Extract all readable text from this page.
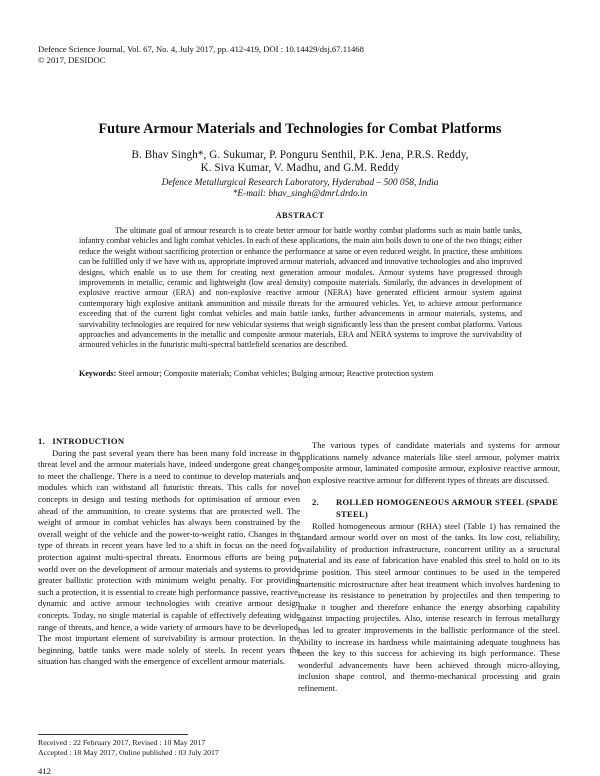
Defence Science Journal, Vol. 67, No. 4, July 2017, pp. 412-419, DOI : 10.14429/dsj.67.11468
© 2017, DESIDOC
Future Armour Materials and Technologies for Combat Platforms
B. Bhav Singh*, G. Sukumar, P. Ponguru Senthil, P.K. Jena, P.R.S. Reddy,
K. Siva Kumar, V. Madhu, and G.M. Reddy
Defence Metallurgical Research Laboratory, Hyderabad – 500 058, India
*E-mail: bhav_singh@dmrl.drdo.in
ABSTRACT

The ultimate goal of armour research is to create better armour for battle worthy combat platforms such as main battle tanks, infantry combat vehicles and light combat vehicles. In each of these applications, the main aim boils down to one of the two things; either reduce the weight without sacrificing protection or enhance the performance at same or even reduced weight. In practice, these ambitions can be fulfilled only if we have with us, appropriate improved armour materials, advanced and innovative technologies and also improved designs, which enable us to use them for creating next generation armour modules. Armour systems have progressed through improvements in metallic, ceramic and lightweight (low areal density) composite materials. Similarly, the advances in development of explosive reactive armour (ERA) and non-explosive reactive armour (NERA) have generated efficient armour system against contemporary high explosive antitank ammunition and missile threats for the armoured vehicles. Yet, to achieve armour performance exceeding that of the current light combat vehicles and main battle tanks, further advancements in armour materials, systems, and survivability technologies are required for new vehicular systems that weigh significantly less than the present combat platforms. Various approaches and advancements in the metallic and composite armour materials, ERA and NERA systems to improve the survivability of armoured vehicles in the futuristic multi-spectral battlefield scenarios are described.

Keywords: Steel armour; Composite materials; Combat vehicles; Bulging armour; Reactive protection system
1. INTRODUCTION

During the past several years there has been many fold increase in the threat level and the armour materials have, indeed undergone great changes to meet the challenge. There is a need to continue to develop materials and modules which can withstand all futuristic threats. This calls for novel concepts in design and testing methods for optimisation of armour even ahead of the ammunition, to create systems that are protected well. The weight of armour in combat vehicles has always been constrained by the overall weight of the vehicle and the power-to-weight ratio. Changes in the type of threats in recent years have led to a shift in focus on the need for protection against multi-spectral threats. Enormous efforts are being put world over on the development of armour materials and systems to provide greater ballistic protection with minimum weight penalty. For providing such a protection, it is essential to create high performance passive, reactive, dynamic and active armour technologies with creative armour design concepts. Today, no single material is capable of effectively defeating wide range of threats, and hence, a wide variety of armours have to be developed. The most important element of survivability is armour protection. In the beginning, battle tanks were made solely of steels. In recent years the situation has changed with the emergence of excellent armour materials.

The various types of candidate materials and systems for armour applications namely advance materials like steel armour, polymer matrix composite armour, laminated composite armour, explosive reactive armour, non explosive reactive armour for different types of threats are discussed.

2.	ROLLED HOMOGENEOUS ARMOUR STEEL (SPADE STEEL)

Rolled homogeneous armour (RHA) steel (Table 1) has remained the standard armour world over on most of the tanks. Its low cost, reliability, availability of production infrastructure, concurrent utility as a structural material and its ease of fabrication have enabled this steel to hold on to its prime position. This steel armour continues to be used in the tempered martensitic microstructure after heat treatment which involves hardening to increase its resistance to penetration by projectiles and then tempering to make it tougher and therefore enhance the energy absorbing capability against impacting projectiles. Also, intense research in ferrous metallurgy has led to greater improvements in the ballistic performance of the steel. Ability to increase its hardness while maintaining adequate toughness has been the key to this success for achieving its high performance. These wonderful advancements have been achieved through micro-alloying, inclusion shape control, and thermo-mechanical processing and grain refinement.

Received : 22 February 2017, Revised : 10 May 2017
Accepted : 18 May 2017, Online published : 03 July 2017
412
